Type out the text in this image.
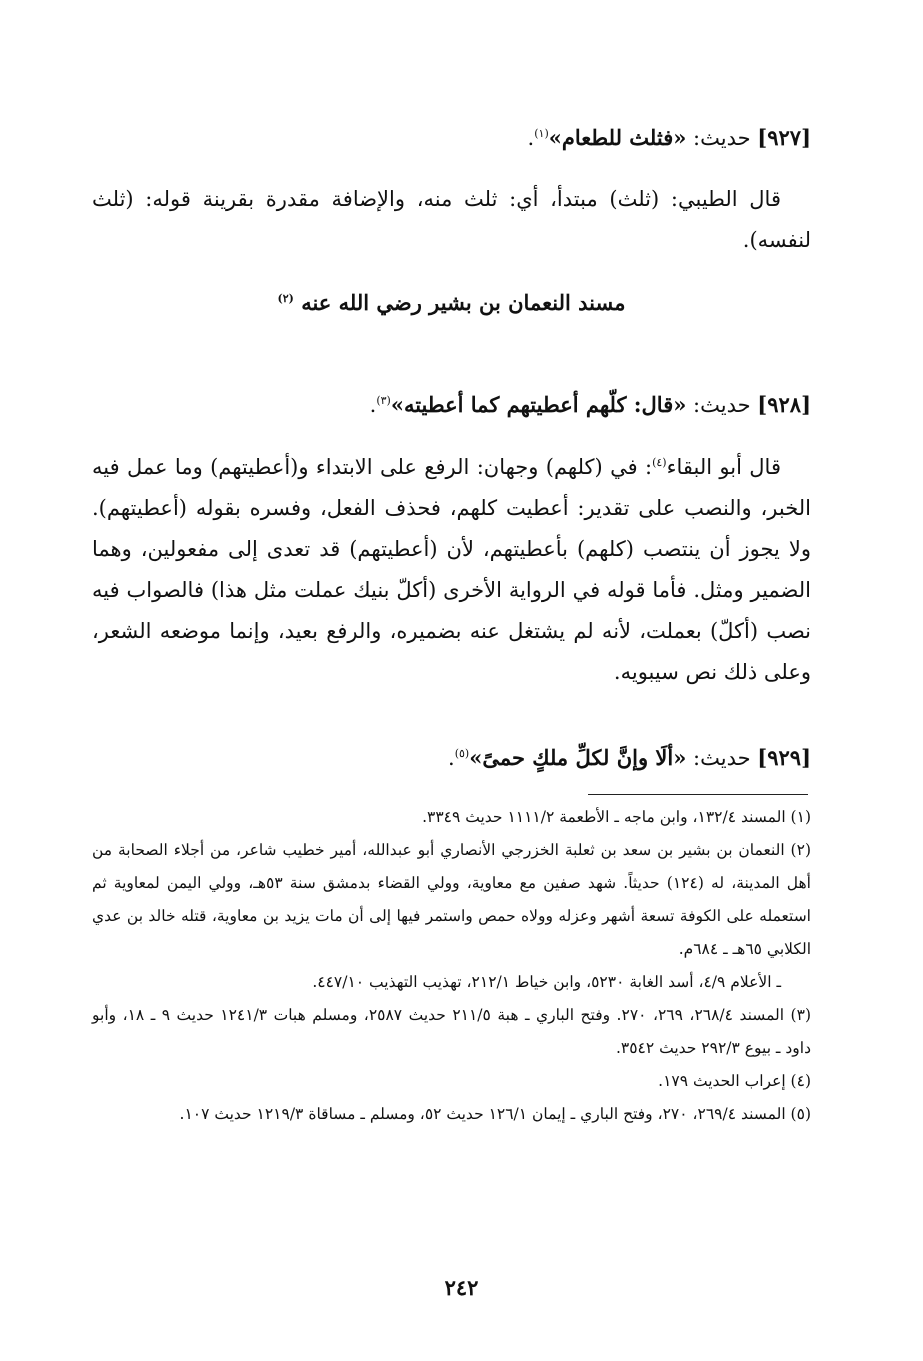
[٩٢٧] حديث: «فثلث للطعام»$^{(١)}$.

قال الطيبي: (ثلث) مبتدأ، أي: ثلث منه، والإضافة مقدرة بقرينة قوله: (ثلث لنفسه).

مسند النعمان بن بشير رضي الله عنه $^{(٢)}$

[٩٢٨] حديث: «قال: كلّهم أعطيتهم كما أعطيته»$^{(٣)}$.

قال أبو البقاء$^{(٤)}$: في (كلهم) وجهان: الرفع على الابتداء و(أعطيتهم) وما عمل فيه الخبر، والنصب على تقدير: أعطيت كلهم، فحذف الفعل، وفسره بقوله (أعطيتهم). ولا يجوز أن ينتصب (كلهم) بأعطيتهم، لأن (أعطيتهم) قد تعدى إلى مفعولين، وهما الضمير ومثل. فأما قوله في الرواية الأخرى (أكلّ بنيك عملت مثل هذا) فالصواب فيه نصب (أكلّ) بعملت، لأنه لم يشتغل عنه بضميره، والرفع بعيد، وإنما موضعه الشعر، وعلى ذلك نص سيبويه.

[٩٢٩] حديث: «ألَا وإنَّ لكلِّ ملكٍ حمىً»$^{(٥)}$.

(١) المسند ١٣٢/٤، وابن ماجه ـ الأطعمة ١١١١/٢ حديث ٣٣٤٩.

(٢) النعمان بن بشير بن سعد بن ثعلبة الخزرجي الأنصاري أبو عبدالله، أمير خطيب شاعر، من أجلاء الصحابة من أهل المدينة، له (١٢٤) حديثاً. شهد صفين مع معاوية، وولي القضاء بدمشق سنة ٥٣هـ، وولي اليمن لمعاوية ثم استعمله على الكوفة تسعة أشهر وعزله وولاه حمص واستمر فيها إلى أن مات يزيد بن معاوية، قتله خالد بن عدي الكلابي ٦٥هـ ـ ٦٨٤م.

ـ الأعلام ٤/٩، أسد الغابة ٥٢٣٠، وابن خياط ٢١٢/١، تهذيب التهذيب ٤٤٧/١٠.

(٣) المسند ٢٦٨/٤، ٢٦٩، ٢٧٠. وفتح الباري ـ هبة ٢١١/٥ حديث ٢٥٨٧، ومسلم هبات ١٢٤١/٣ حديث ٩ ـ ١٨، وأبو داود ـ بيوع ٢٩٢/٣ حديث ٣٥٤٢.

(٤) إعراب الحديث ١٧٩.

(٥) المسند ٢٦٩/٤، ٢٧٠، وفتح الباري ـ إيمان ١٢٦/١ حديث ٥٢، ومسلم ـ مساقاة ١٢١٩/٣ حديث ١٠٧.

٢٤٢
